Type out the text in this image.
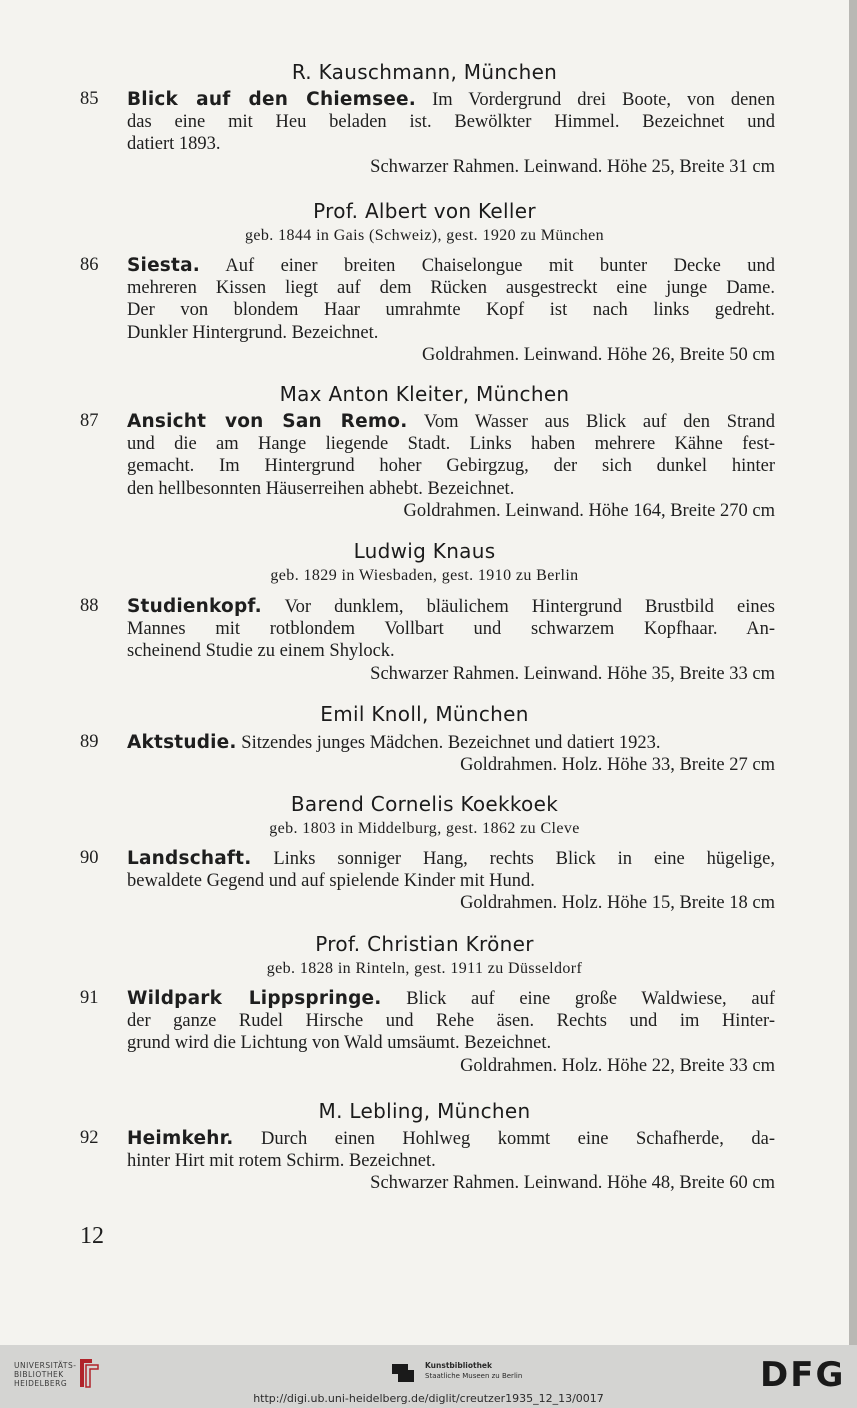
R. Kauschmann, München
85 Blick auf den Chiemsee. Im Vordergrund drei Boote, von denen
das eine mit Heu beladen ist. Bewölkter Himmel. Bezeichnet und
datiert 1893.
Schwarzer Rahmen. Leinwand. Höhe 25, Breite 31 cm
Prof. Albert von Keller
geb. 1844 in Gais (Schweiz), gest. 1920 zu München
86 Siesta. Auf einer breiten Chaiselongue mit bunter Decke und
mehreren Kissen liegt auf dem Rücken ausgestreckt eine junge Dame.
Der von blondem Haar umrahmte Kopf ist nach links gedreht.
Dunkler Hintergrund. Bezeichnet.
Goldrahmen. Leinwand. Höhe 26, Breite 50 cm
Max Anton Kleiter, München
87 Ansicht von San Remo. Vom Wasser aus Blick auf den Strand
und die am Hange liegende Stadt. Links haben mehrere Kähne fest-
gemacht. Im Hintergrund hoher Gebirgzug, der sich dunkel hinter
den hellbesonnten Häuserreihen abhebt. Bezeichnet.
Goldrahmen. Leinwand. Höhe 164, Breite 270 cm
Ludwig Knaus
geb. 1829 in Wiesbaden, gest. 1910 zu Berlin
88 Studienkopf. Vor dunklem, bläulichem Hintergrund Brustbild eines
Mannes mit rotblondem Vollbart und schwarzem Kopfhaar. An-
scheinend Studie zu einem Shylock.
Schwarzer Rahmen. Leinwand. Höhe 35, Breite 33 cm
Emil Knoll, München
89 Aktstudie. Sitzendes junges Mädchen. Bezeichnet und datiert 1923.
Goldrahmen. Holz. Höhe 33, Breite 27 cm
Barend Cornelis Koekkoek
geb. 1803 in Middelburg, gest. 1862 zu Cleve
90 Landschaft. Links sonniger Hang, rechts Blick in eine hügelige,
bewaldete Gegend und auf spielende Kinder mit Hund.
Goldrahmen. Holz. Höhe 15, Breite 18 cm
Prof. Christian Kröner
geb. 1828 in Rinteln, gest. 1911 zu Düsseldorf
91 Wildpark Lippspringe. Blick auf eine große Waldwiese, auf
der ganze Rudel Hirsche und Rehe äsen. Rechts und im Hinter-
grund wird die Lichtung von Wald umsäumt. Bezeichnet.
Goldrahmen. Holz. Höhe 22, Breite 33 cm
M. Lebling, München
92 Heimkehr. Durch einen Hohlweg kommt eine Schafherde, da-
hinter Hirt mit rotem Schirm. Bezeichnet.
Schwarzer Rahmen. Leinwand. Höhe 48, Breite 60 cm
12
UNIVERSITÄTS-
BIBLIOTHEK
HEIDELBERG
Kunstbibliothek
Staatliche Museen zu Berlin	DFG
http://digi.ub.uni-heidelberg.de/diglit/creutzer1935_12_13/0017
